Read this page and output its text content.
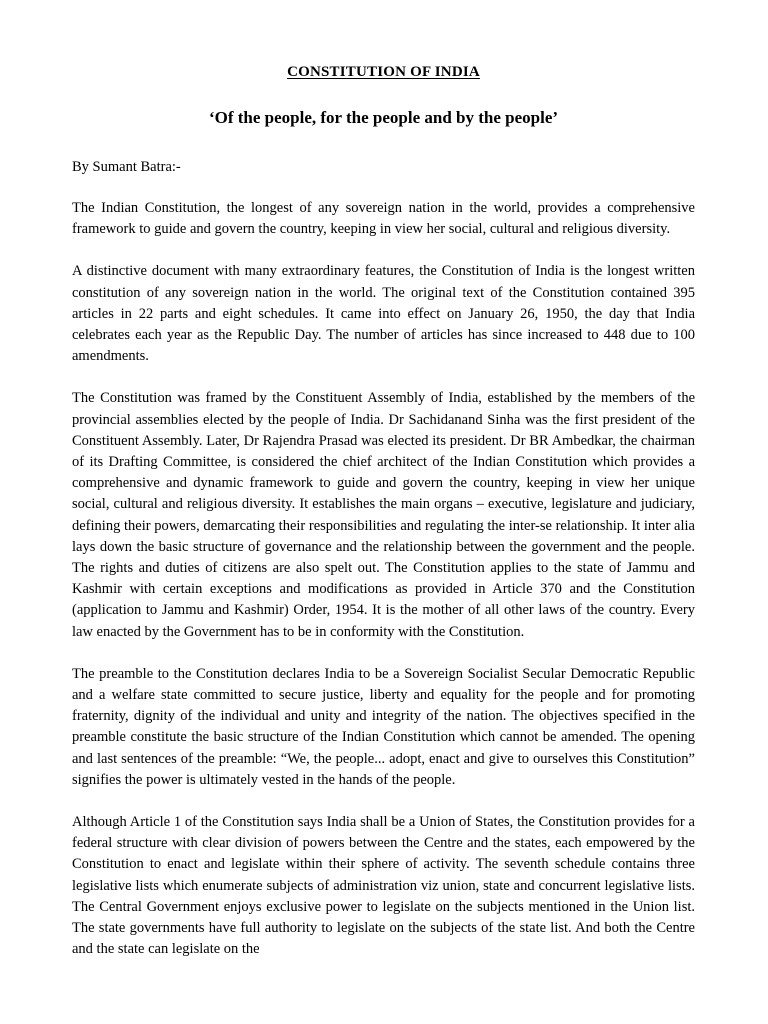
CONSTITUTION OF INDIA
‘Of the people, for the people and by the people’
By Sumant Batra:-

The Indian Constitution, the longest of any sovereign nation in the world, provides a comprehensive framework to guide and govern the country, keeping in view her social, cultural and religious diversity.

A distinctive document with many extraordinary features, the Constitution of India is the longest written constitution of any sovereign nation in the world. The original text of the Constitution contained 395 articles in 22 parts and eight schedules. It came into effect on January 26, 1950, the day that India celebrates each year as the Republic Day. The number of articles has since increased to 448 due to 100 amendments.

The Constitution was framed by the Constituent Assembly of India, established by the members of the provincial assemblies elected by the people of India. Dr Sachidanand Sinha was the first president of the Constituent Assembly. Later, Dr Rajendra Prasad was elected its president. Dr BR Ambedkar, the chairman of its Drafting Committee, is considered the chief architect of the Indian Constitution which provides a comprehensive and dynamic framework to guide and govern the country, keeping in view her unique social, cultural and religious diversity. It establishes the main organs – executive, legislature and judiciary, defining their powers, demarcating their responsibilities and regulating the inter-se relationship. It inter alia lays down the basic structure of governance and the relationship between the government and the people. The rights and duties of citizens are also spelt out. The Constitution applies to the state of Jammu and Kashmir with certain exceptions and modifications as provided in Article 370 and the Constitution (application to Jammu and Kashmir) Order, 1954. It is the mother of all other laws of the country. Every law enacted by the Government has to be in conformity with the Constitution.

The preamble to the Constitution declares India to be a Sovereign Socialist Secular Democratic Republic and a welfare state committed to secure justice, liberty and equality for the people and for promoting fraternity, dignity of the individual and unity and integrity of the nation. The objectives specified in the preamble constitute the basic structure of the Indian Constitution which cannot be amended. The opening and last sentences of the preamble: “We, the people... adopt, enact and give to ourselves this Constitution” signifies the power is ultimately vested in the hands of the people.

Although Article 1 of the Constitution says India shall be a Union of States, the Constitution provides for a federal structure with clear division of powers between the Centre and the states, each empowered by the Constitution to enact and legislate within their sphere of activity. The seventh schedule contains three legislative lists which enumerate subjects of administration viz union, state and concurrent legislative lists. The Central Government enjoys exclusive power to legislate on the subjects mentioned in the Union list. The state governments have full authority to legislate on the subjects of the state list. And both the Centre and the state can legislate on the
